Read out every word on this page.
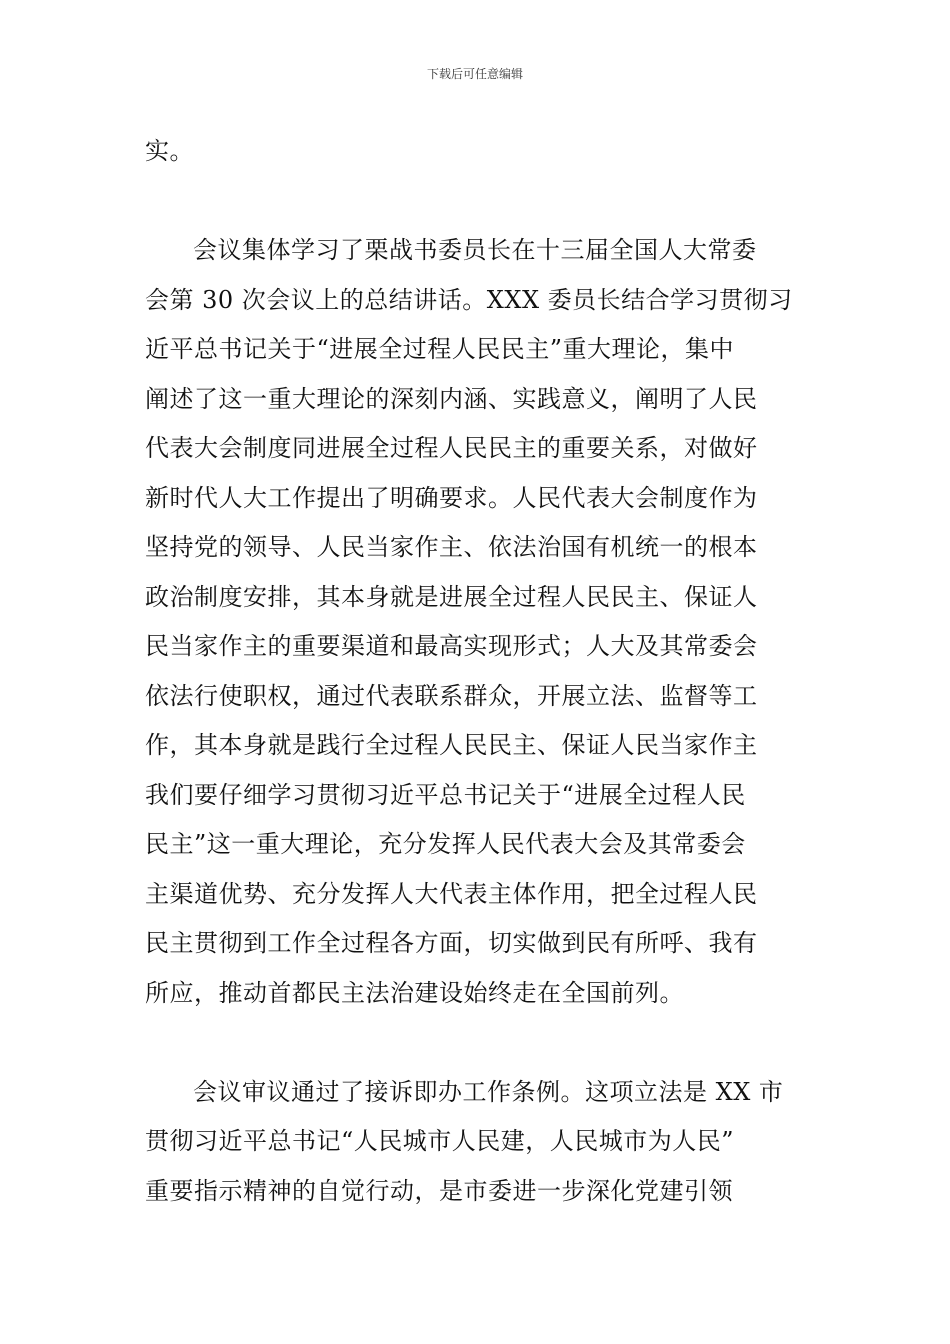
下载后可任意编辑

实。

会议集体学习了栗战书委员长在十三届全国人大常委
会第 30 次会议上的总结讲话。XXX 委员长结合学习贯彻习
近平总书记关于“进展全过程人民民主”重大理论，集中
阐述了这一重大理论的深刻内涵、实践意义，阐明了人民
代表大会制度同进展全过程人民民主的重要关系，对做好
新时代人大工作提出了明确要求。人民代表大会制度作为
坚持党的领导、人民当家作主、依法治国有机统一的根本
政治制度安排，其本身就是进展全过程人民民主、保证人
民当家作主的重要渠道和最高实现形式；人大及其常委会
依法行使职权，通过代表联系群众，开展立法、监督等工
作，其本身就是践行全过程人民民主、保证人民当家作主
我们要仔细学习贯彻习近平总书记关于“进展全过程人民
民主”这一重大理论，充分发挥人民代表大会及其常委会
主渠道优势、充分发挥人大代表主体作用，把全过程人民
民主贯彻到工作全过程各方面，切实做到民有所呼、我有
所应，推动首都民主法治建设始终走在全国前列。

会议审议通过了接诉即办工作条例。这项立法是 XX 市
贯彻习近平总书记“人民城市人民建，人民城市为人民”
重要指示精神的自觉行动，是市委进一步深化党建引领
